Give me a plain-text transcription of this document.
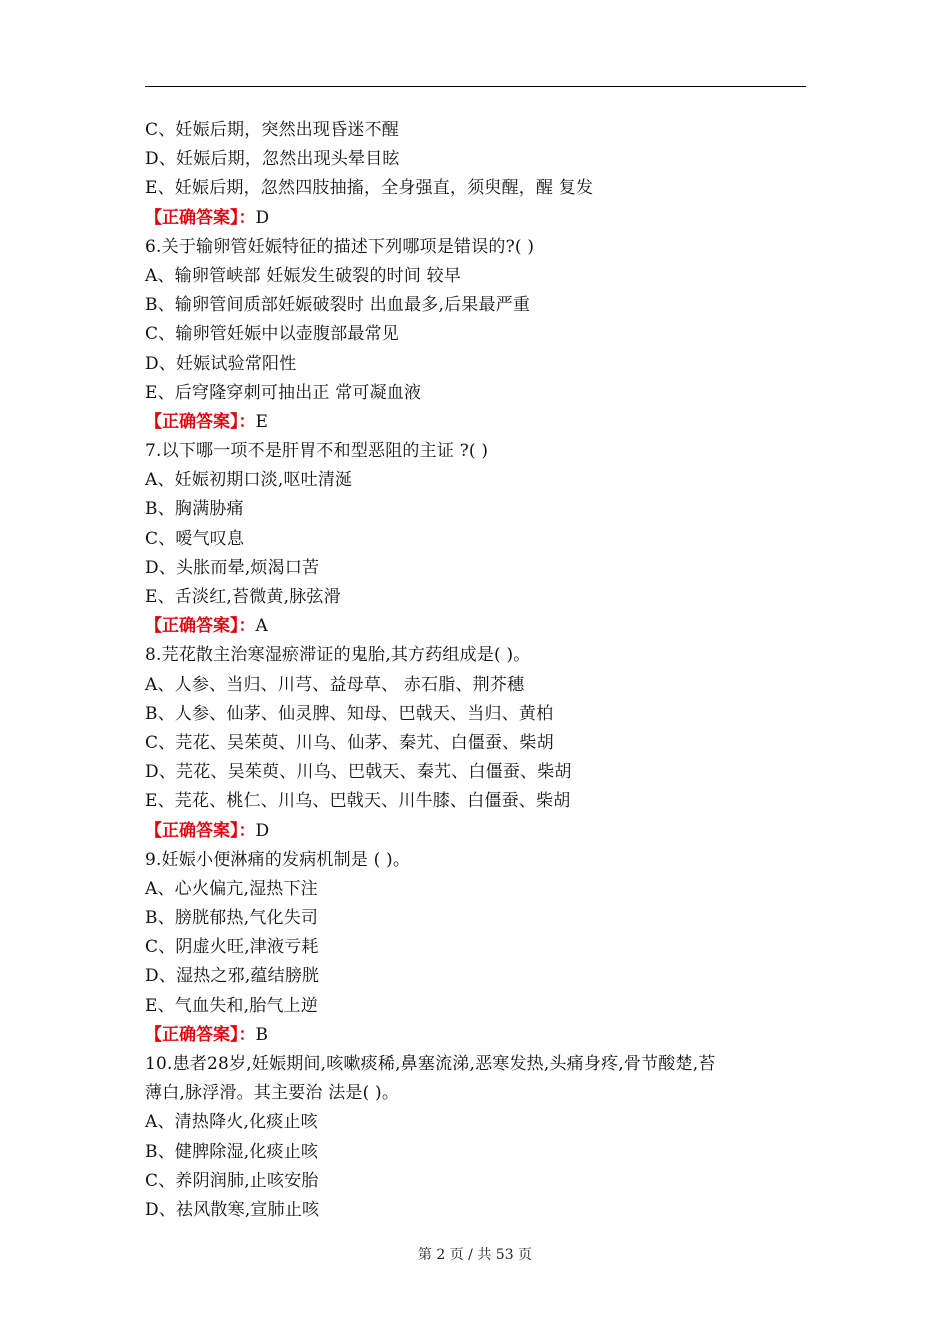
C、妊娠后期，突然出现昏迷不醒
D、妊娠后期，忽然出现头晕目眩
E、妊娠后期，忽然四肢抽搐，全身强直，须臾醒，醒 复发
【正确答案】：D
6.关于输卵管妊娠特征的描述下列哪项是错误的?( )
A、输卵管峡部 妊娠发生破裂的时间 较早
B、输卵管间质部妊娠破裂时 出血最多,后果最严重
C、输卵管妊娠中以壶腹部最常见
D、妊娠试验常阳性
E、后穹隆穿刺可抽出正 常可凝血液
【正确答案】：E
7.以下哪一项不是肝胃不和型恶阻的主证 ?( )
A、妊娠初期口淡,呕吐清涎
B、胸满胁痛
C、嗳气叹息
D、头胀而晕,烦渴口苦
E、舌淡红,苔微黄,脉弦滑
【正确答案】：A
8.芫花散主治寒湿瘀滞证的鬼胎,其方药组成是( )。
A、人参、当归、川芎、益母草、 赤石脂、荆芥穗
B、人参、仙茅、仙灵脾、知母、巴戟天、当归、黄柏
C、芫花、吴茱萸、川乌、仙茅、秦艽、白僵蚕、柴胡
D、芫花、吴茱萸、川乌、巴戟天、秦艽、白僵蚕、柴胡
E、芫花、桃仁、川乌、巴戟天、川牛膝、白僵蚕、柴胡
【正确答案】：D
9.妊娠小便淋痛的发病机制是 ( )。
A、心火偏亢,湿热下注
B、膀胱郁热,气化失司
C、阴虚火旺,津液亏耗
D、湿热之邪,蕴结膀胱
E、气血失和,胎气上逆
【正确答案】：B
10.患者28岁,妊娠期间,咳嗽痰稀,鼻塞流涕,恶寒发热,头痛身疼,骨节酸楚,苔
薄白,脉浮滑。其主要治 法是( )。
A、清热降火,化痰止咳
B、健脾除湿,化痰止咳
C、养阴润肺,止咳安胎
D、祛风散寒,宣肺止咳
第 2 页 / 共 53 页
